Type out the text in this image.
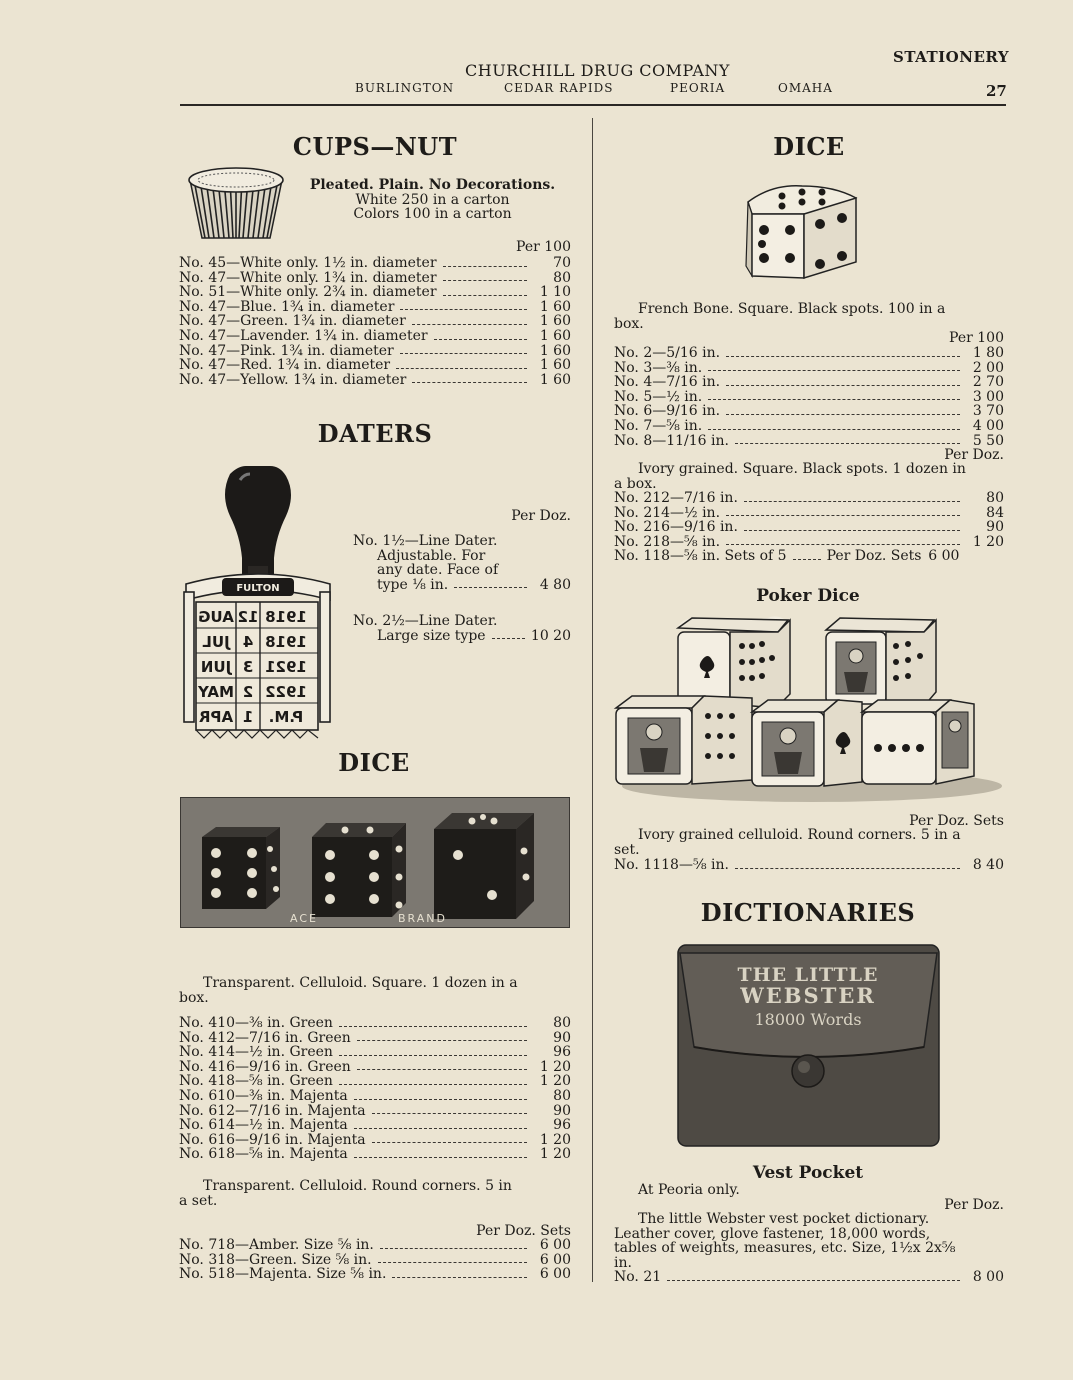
STATIONERY
CHURCHILL DRUG COMPANY
BURLINGTON	CEDAR RAPIDS	PEORIA	OMAHA	27
CUPS—NUT
Pleated. Plain. No Decorations.
White 250 in a carton
Colors 100 in a carton
Per 100
No. 45—White only. 1½ in. diameter	70
No. 47—White only. 1¾ in. diameter	80
No. 51—White only. 2¾ in. diameter	1 10
No. 47—Blue. 1¾ in. diameter	1 60
No. 47—Green. 1¾ in. diameter	1 60
No. 47—Lavender. 1¾ in. diameter	1 60
No. 47—Pink. 1¾ in. diameter	1 60
No. 47—Red. 1¾ in. diameter	1 60
No. 47—Yellow. 1¾ in. diameter	1 60
DATERS
FULTON
AUG 12 1918
JUL 4 1918
JUN 3 1921
MAY 2 1922
APR 1 P.M.
Per Doz.
No. 1½—Line Dater.
Adjustable. For
any date. Face of
type ⅛ in.	4 80
No. 2½—Line Dater.
Large size type	10 20
DICE
ACE	BRAND
Transparent. Celluloid. Square. 1 dozen in a box.
No. 410—⅜ in. Green	80
No. 412—7/16 in. Green	90
No. 414—½ in. Green	96
No. 416—9/16 in. Green	1 20
No. 418—⅝ in. Green	1 20
No. 610—⅜ in. Majenta	80
No. 612—7/16 in. Majenta	90
No. 614—½ in. Majenta	96
No. 616—9/16 in. Majenta	1 20
No. 618—⅝ in. Majenta	1 20
Transparent. Celluloid. Round corners. 5 in a set.
Per Doz. Sets
No. 718—Amber. Size ⅝ in.	6 00
No. 318—Green. Size ⅝ in.	6 00
No. 518—Majenta. Size ⅝ in.	6 00
DICE
French Bone. Square. Black spots. 100 in a box.
Per 100
No. 2—5/16 in.	1 80
No. 3—⅜ in.	2 00
No. 4—7/16 in.	2 70
No. 5—½ in.	3 00
No. 6—9/16 in.	3 70
No. 7—⅝ in.	4 00
No. 8—11/16 in.	5 50
Per Doz.
Ivory grained. Square. Black spots. 1 dozen in a box.
No. 212—7/16 in.	80
No. 214—½ in.	84
No. 216—9/16 in.	90
No. 218—⅝ in.	1 20
No. 118—⅝ in. Sets of 5	Per Doz. Sets 6 00
Poker Dice
Per Doz. Sets
Ivory grained celluloid. Round corners. 5 in a set.
No. 1118—⅝ in.	8 40
DICTIONARIES
THE LITTLE
WEBSTER
18000 Words
Vest Pocket
At Peoria only.
Per Doz.
The little Webster vest pocket dictionary. Leather cover, glove fastener, 18,000 words, tables of weights, measures, etc. Size, 1½x 2x⅝ in.
No. 21	8 00
